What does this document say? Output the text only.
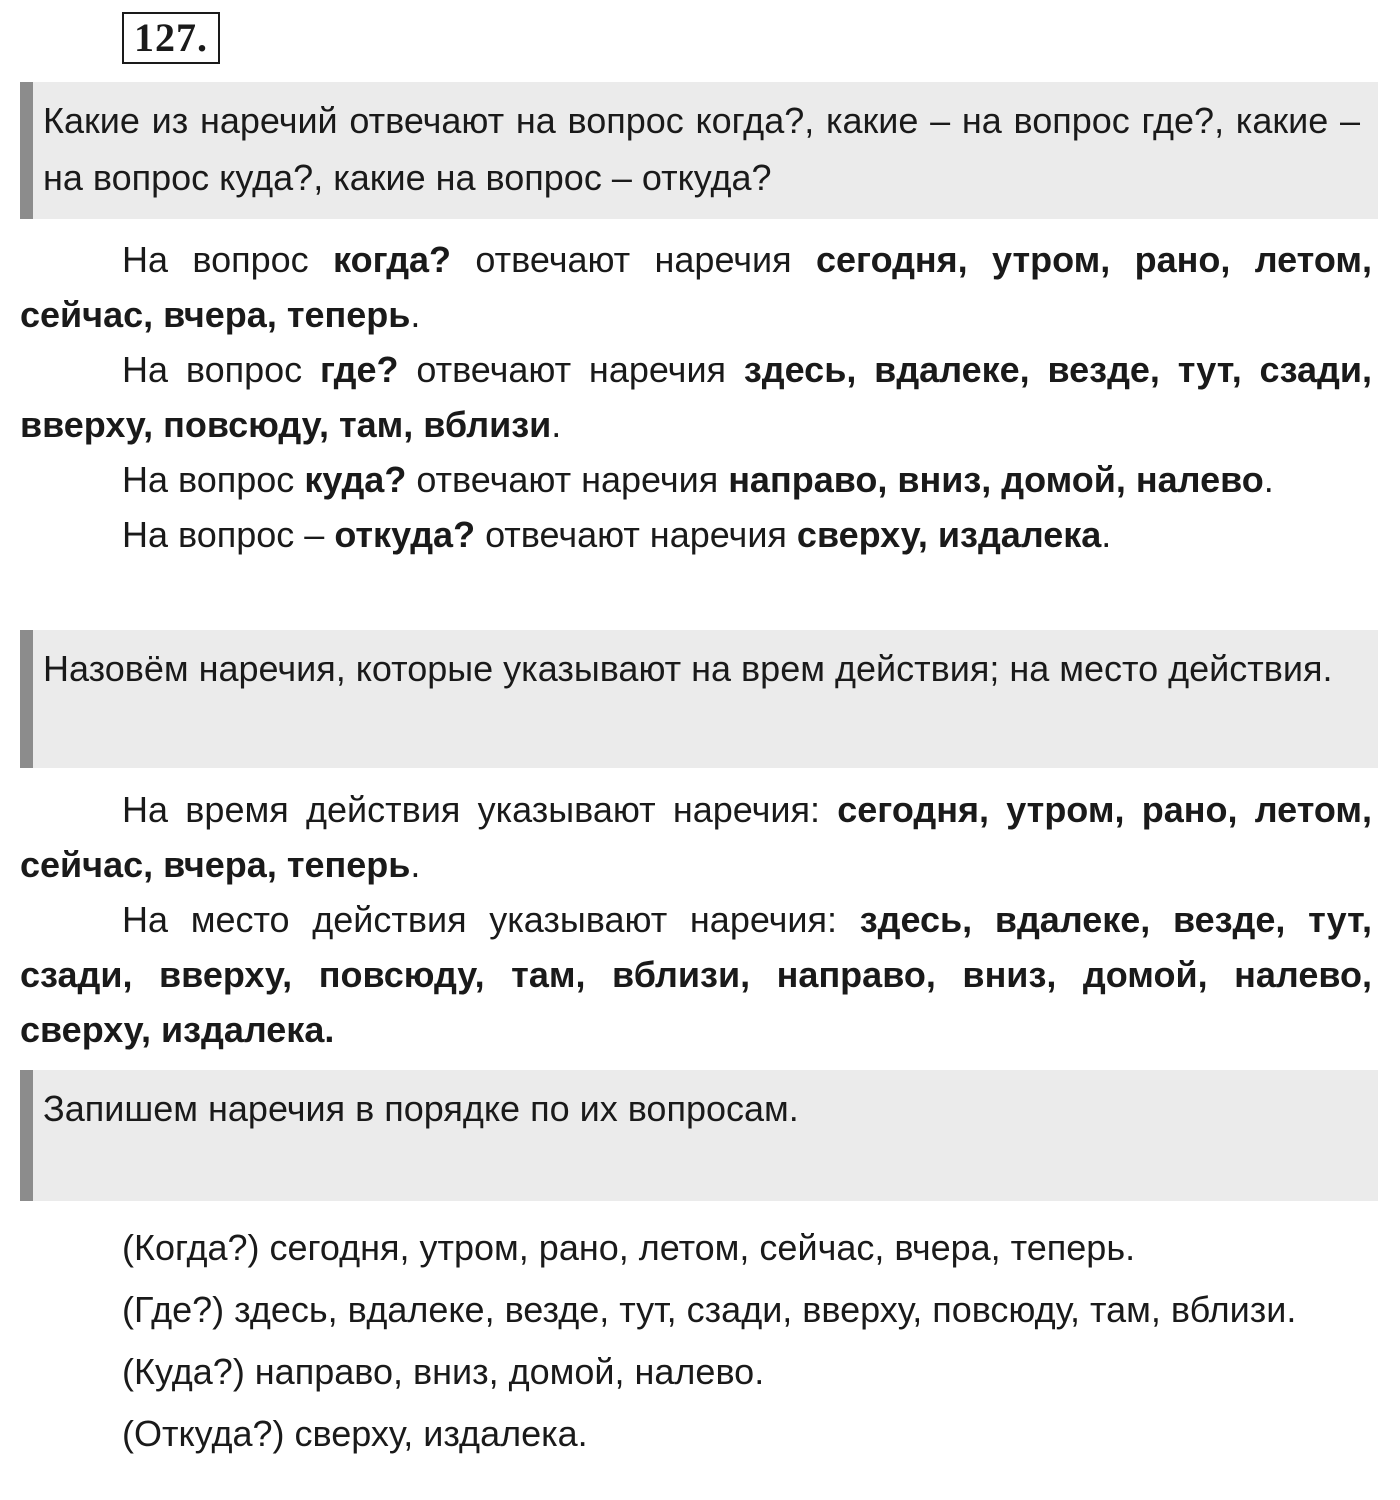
127.
Какие из наречий отвечают на вопрос когда?, какие – на вопрос где?, какие – на вопрос куда?, какие на вопрос – откуда?

На вопрос когда? отвечают наречия сегодня, утром, рано, летом, сейчас, вчера, теперь.

На вопрос где? отвечают наречия здесь, вдалеке, везде, тут, сзади, вверху, повсюду, там, вблизи.

На вопрос куда? отвечают наречия направо, вниз, домой, налево.

На вопрос – откуда? отвечают наречия сверху, издалека.

Назовём наречия, которые указывают на врем действия; на место действия.

На время действия указывают наречия: сегодня, утром, рано, летом, сейчас, вчера, теперь.

На место действия указывают наречия: здесь, вдалеке, везде, тут, сзади, вверху, повсюду, там, вблизи, направо, вниз, домой, налево, сверху, издалека.

Запишем наречия в порядке по их вопросам.

(Когда?) сегодня, утром, рано, летом, сейчас, вчера, теперь.

(Где?) здесь, вдалеке, везде, тут, сзади, вверху, повсюду, там, вблизи.

(Куда?) направо, вниз, домой, налево.

(Откуда?) сверху, издалека.
